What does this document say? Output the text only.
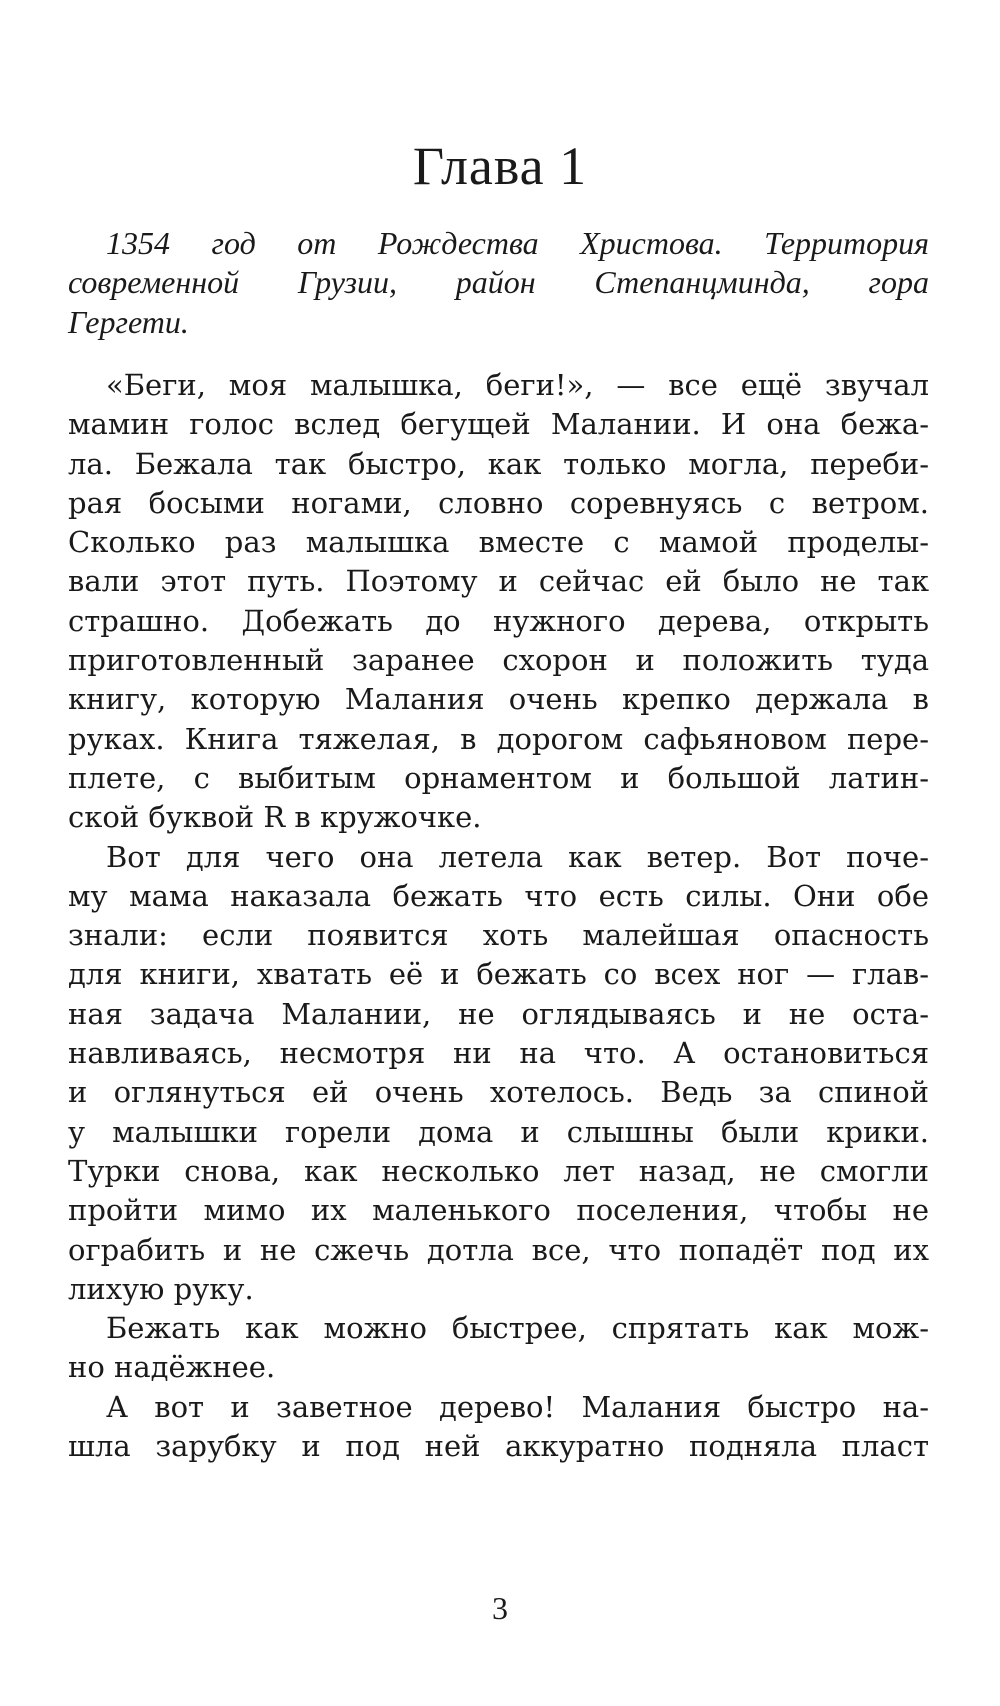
Глава 1
1354 год от Рождества Христова. Территория
современной Грузии, район Степанцминда, гора
Гергети.
«Беги, моя малышка, беги!», — все ещё звучал
мамин голос вслед бегущей Малании. И она бежа-
ла. Бежала так быстро, как только могла, переби-
рая босыми ногами, словно соревнуясь с ветром.
Сколько раз малышка вместе с мамой проделы-
вали этот путь. Поэтому и сейчас ей было не так
страшно. Добежать до нужного дерева, открыть
приготовленный заранее схорон и положить туда
книгу, которую Малания очень крепко держала в
руках. Книга тяжелая, в дорогом сафьяновом пере-
плете, с выбитым орнаментом и большой латин-
ской буквой R в кружочке.
Вот для чего она летела как ветер. Вот поче-
му мама наказала бежать что есть силы. Они обе
знали: если появится хоть малейшая опасность
для книги, хватать её и бежать со всех ног — глав-
ная задача Малании, не оглядываясь и не оста-
навливаясь, несмотря ни на что. А остановиться
и оглянуться ей очень хотелось. Ведь за спиной
у малышки горели дома и слышны были крики.
Турки снова, как несколько лет назад, не смогли
пройти мимо их маленького поселения, чтобы не
ограбить и не сжечь дотла все, что попадёт под их
лихую руку.
Бежать как можно быстрее, спрятать как мож-
но надёжнее.
А вот и заветное дерево! Малания быстро на-
шла зарубку и под ней аккуратно подняла пласт
3
